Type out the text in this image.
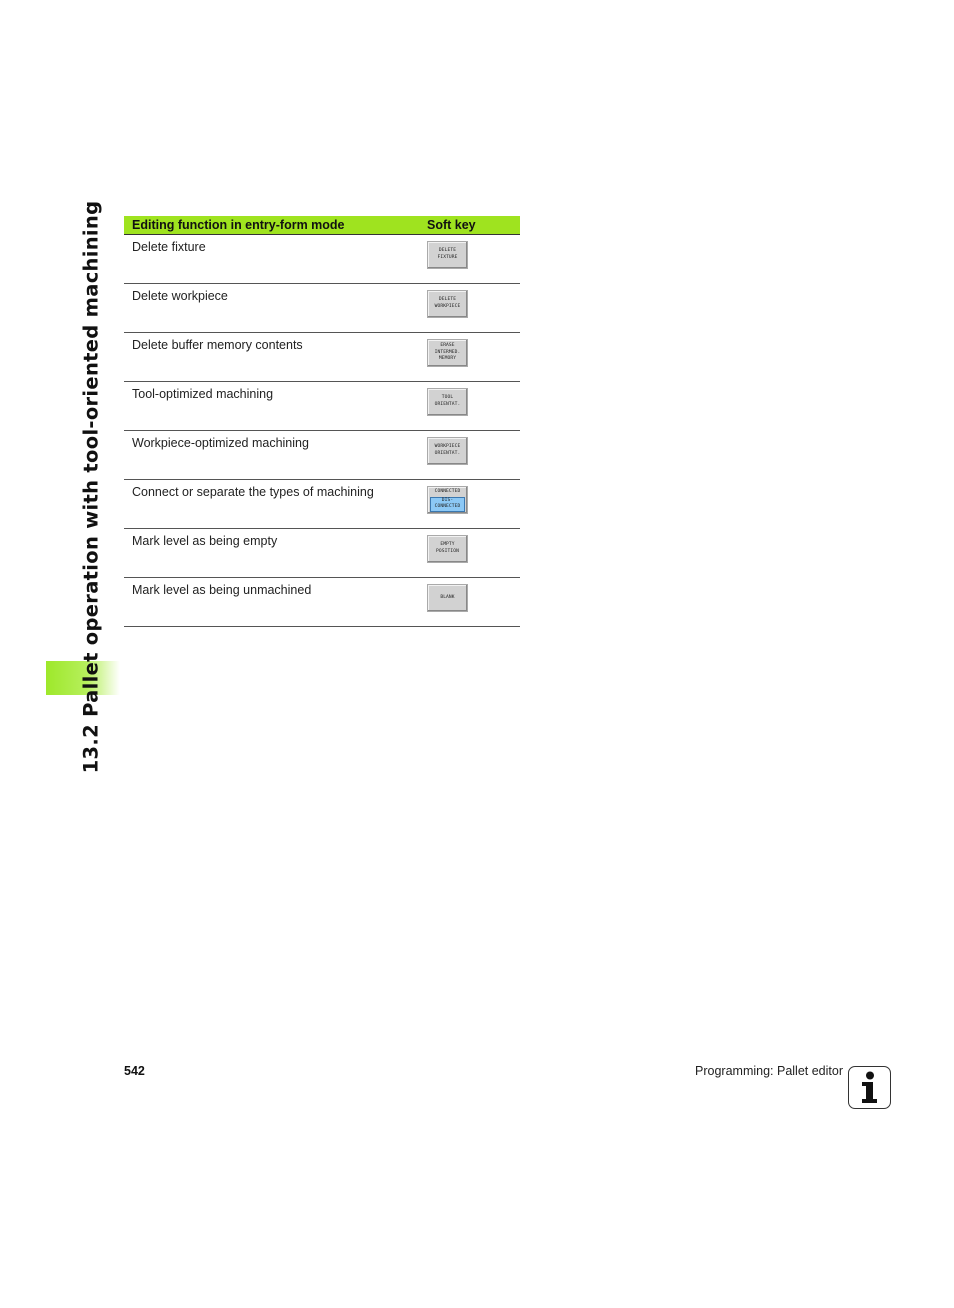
13.2 Pallet operation with tool-oriented machining Editing function in entry-form mode	Soft key
Delete fixture	DELETE
FIXTURE

Delete workpiece	DELETE
WORKPIECE

Delete buffer memory contents	ERASE
INTERMED.
MEMORY

Tool-optimized machining	TOOL
ORIENTAT.

Workpiece-optimized machining	WORKPIECE
ORIENTAT.

Connect or separate the types of machining	CONNECTED
DIS-
CONNECTED

Mark level as being empty	EMPTY
POSITION

Mark level as being unmachined	BLANK
542	Programming: Pallet editor
